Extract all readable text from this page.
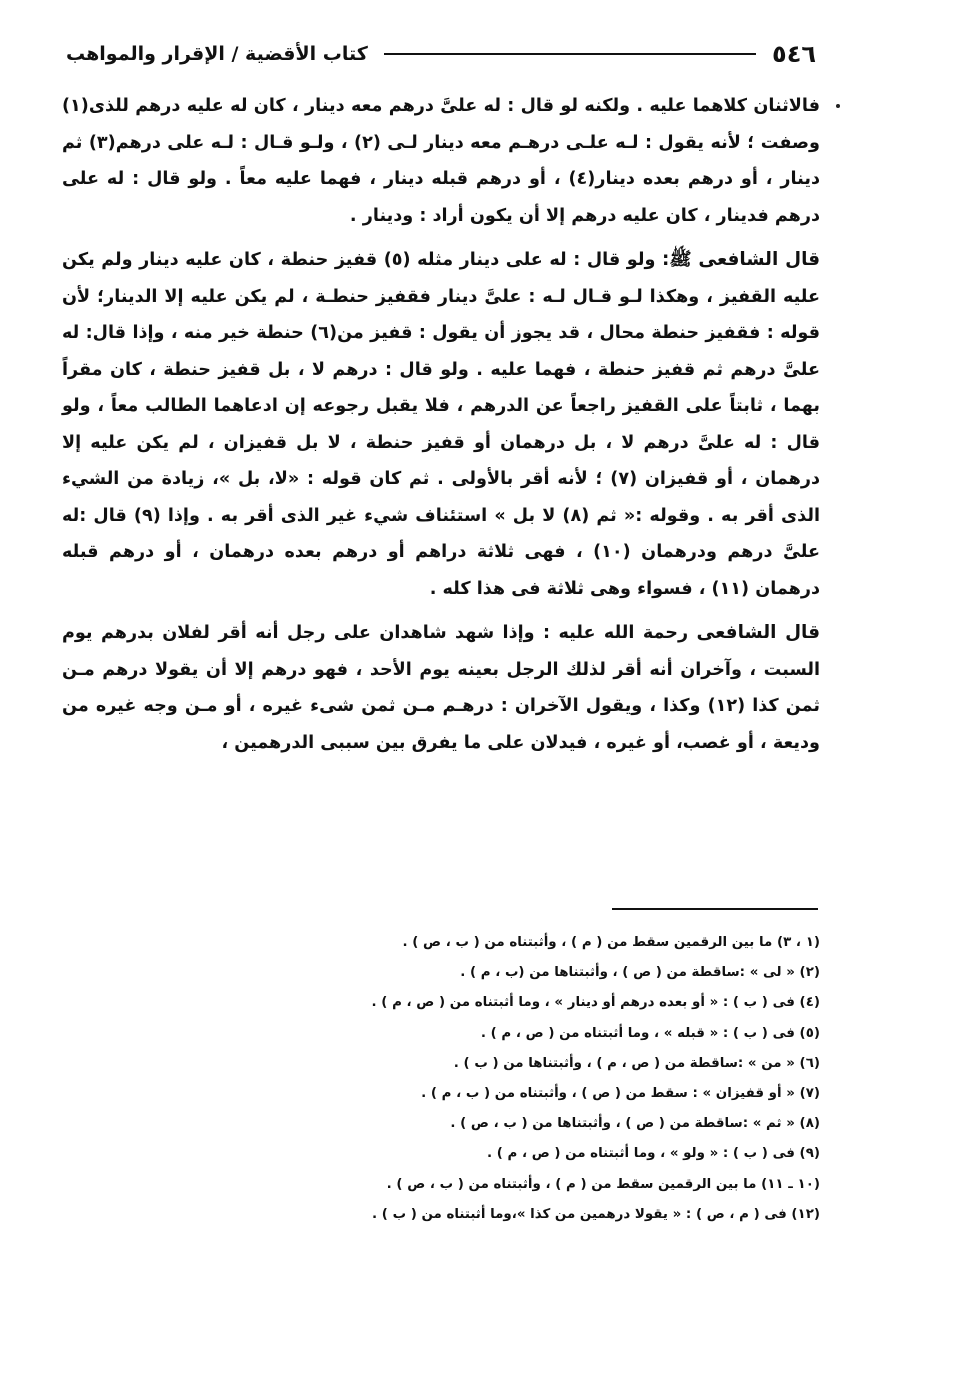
٥٤٦
كتاب الأقضية / الإقرار والمواهب

فالاثنان كلاهما عليه . ولكنه لو قال : له علىَّ درهم معه دينار ، كان له عليه درهم للذى(١) وصفت ؛ لأنه يقول : لـه علـى درهـم معه دينار لـى (٢) ، ولـو قـال : لـه على درهم(٣) ثم دينار ، أو درهم بعده دينار(٤) ، أو درهم قبله دينار ، فهما عليه معاً . ولو قال : له على درهم فدينار ، كان عليه درهم إلا أن يكون أراد : ودينار .

قال الشافعى ﷺ: ولو قال : له على دينار مثله (٥) قفيز حنطة ، كان عليه دينار ولم يكن عليه القفيز ، وهكذا لـو قـال لـه : علىَّ دينار فقفيز حنطـة ، لم يكن عليه إلا الدينار؛ لأن قوله : فقفيز حنطة محال ، قد يجوز أن يقول : قفيز من(٦) حنطة خير منه ، وإذا قال: له علىَّ درهم ثم قفيز حنطة ، فهما عليه . ولو قال : درهم لا ، بل قفيز حنطة ، كان مقراً بهما ، ثابتاً على القفيز راجعاً عن الدرهم ، فلا يقبل رجوعه إن ادعاهما الطالب معاً ، ولو قال : له علىَّ درهم لا ، بل درهمان أو قفيز حنطة ، لا بل قفيزان ، لم يكن عليه إلا درهمان ، أو قفيزان (٧) ؛ لأنه أقر بالأولى . ثم كان قوله : «لا، بل »، زيادة من الشيء الذى أقر به . وقوله :« ثم (٨) لا بل » استئناف شيء غير الذى أقر به . وإذا (٩) قال :له علىَّ درهم ودرهمان (١٠) ، فهى ثلاثة دراهم أو درهم بعده درهمان ، أو درهم قبله درهمان (١١) ، فسواء وهى ثلاثة فى هذا كله .

قال الشافعى رحمة الله عليه : وإذا شهد شاهدان على رجل أنه أقر لفلان بدرهم يوم السبت ، وآخران أنه أقر لذلك الرجل بعينه يوم الأحد ، فهو درهم إلا أن يقولا درهم مـن ثمن كذا (١٢) وكذا ، ويقول الآخران : درهـم مـن ثمن شىء غيره ، أو مـن وجه غيره من وديعة ، أو غصب، أو غيره ، فيدلان على ما يفرق بين سببى الدرهمين ،

(١ ، ٣) ما بين الرقمين سقط من ( م ) ، وأثبتناه من ( ب ، ص ) .
(٢) « لى » :ساقطة من ( ص ) ، وأثبتناها من (ب ، م ) .
(٤) فى ( ب ) : « أو بعده درهم أو دينار » ، وما أثبتناه من ( ص ، م ) .
(٥) فى ( ب ) : « قبله » ، وما أثبتناه من ( ص ، م ) .
(٦) « من » :ساقطة من ( ص ، م ) ، وأثبتناها من ( ب ) .
(٧) « أو قفيزان » : سقط من ( ص ) ، وأثبتناه من ( ب ، م ) .
(٨) « ثم » :ساقطة من ( ص ) ، وأثبتناها من ( ب ، ص ) .
(٩) فى ( ب ) : « ولو » ، وما أثبتناه من ( ص ، م ) .
(١٠ ـ ١١) ما بين الرقمين سقط من ( م ) ، وأثبتناه من ( ب ، ص ) .
(١٢) فى ( م ، ص ) : « يقولا درهمين من كذا »،وما أثبتناه من ( ب ) .
